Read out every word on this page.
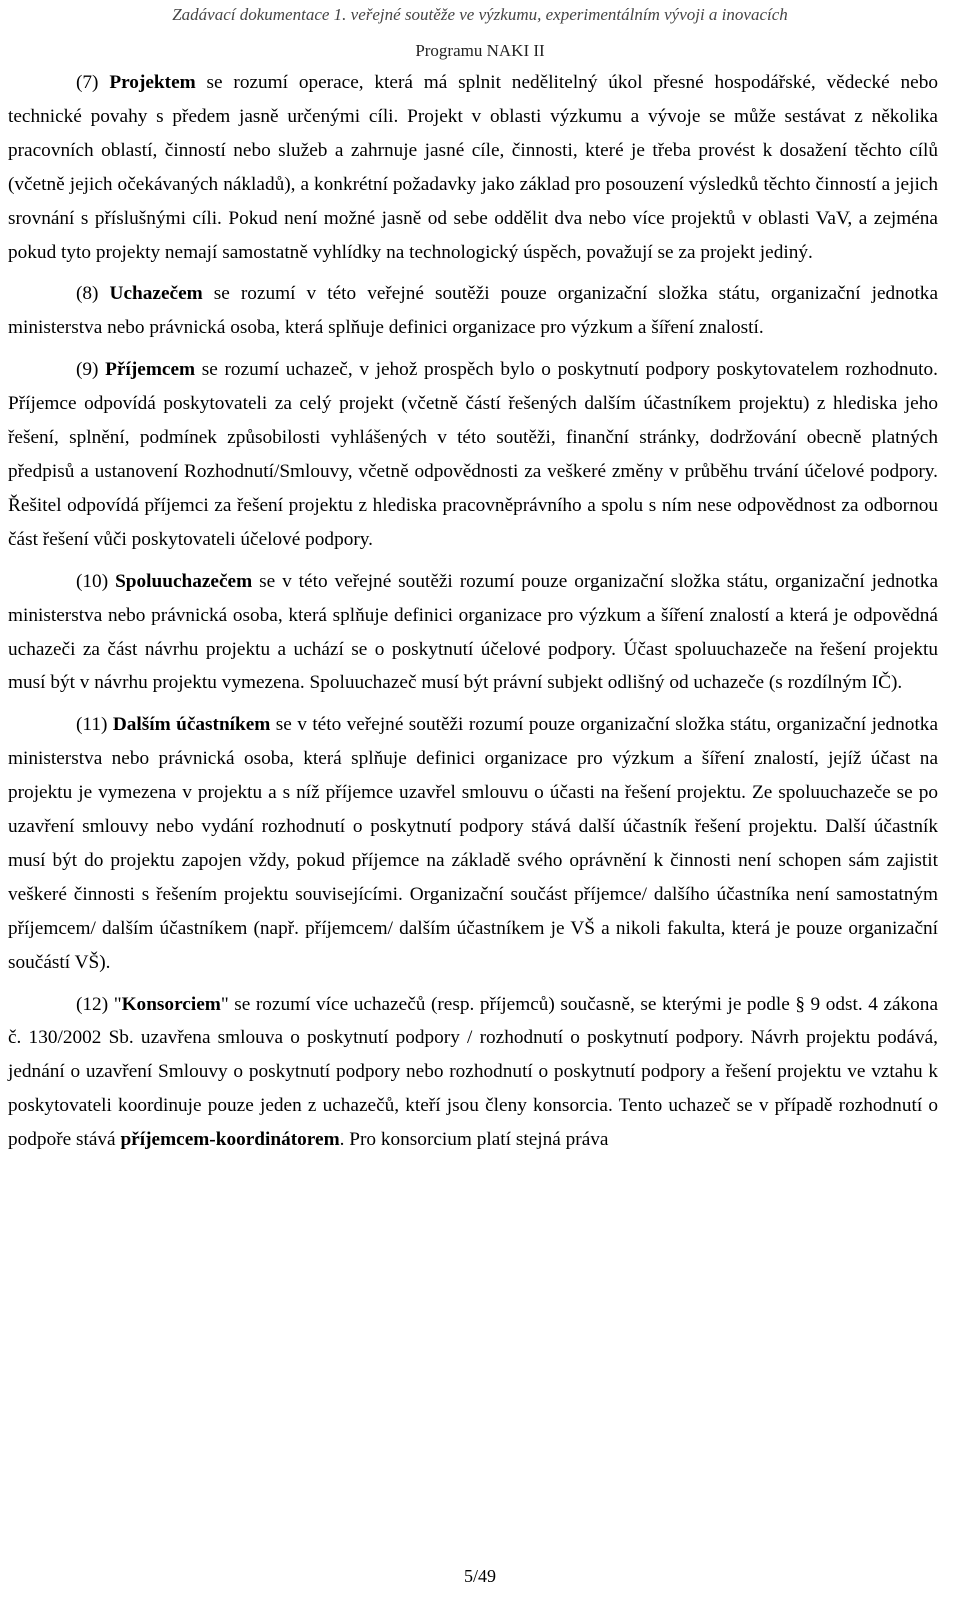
Zadávací dokumentace 1. veřejné soutěže ve výzkumu, experimentálním vývoji a inovacích
Programu NAKI II

(7) Projektem se rozumí operace, která má splnit nedělitelný úkol přesné hospodářské, vědecké nebo technické povahy s předem jasně určenými cíli. Projekt v oblasti výzkumu a vývoje se může sestávat z několika pracovních oblastí, činností nebo služeb a zahrnuje jasné cíle, činnosti, které je třeba provést k dosažení těchto cílů (včetně jejich očekávaných nákladů), a konkrétní požadavky jako základ pro posouzení výsledků těchto činností a jejich srovnání s příslušnými cíli. Pokud není možné jasně od sebe oddělit dva nebo více projektů v oblasti VaV, a zejména pokud tyto projekty nemají samostatně vyhlídky na technologický úspěch, považují se za projekt jediný.

(8) Uchazečem se rozumí v této veřejné soutěži pouze organizační složka státu, organizační jednotka ministerstva nebo právnická osoba, která splňuje definici organizace pro výzkum a šíření znalostí.

(9) Příjemcem se rozumí uchazeč, v jehož prospěch bylo o poskytnutí podpory poskytovatelem rozhodnuto. Příjemce odpovídá poskytovateli za celý projekt (včetně částí řešených dalším účastníkem projektu) z hlediska jeho řešení, splnění, podmínek způsobilosti vyhlášených v této soutěži, finanční stránky, dodržování obecně platných předpisů a ustanovení Rozhodnutí/Smlouvy, včetně odpovědnosti za veškeré změny v průběhu trvání účelové podpory. Řešitel odpovídá příjemci za řešení projektu z hlediska pracovněprávního a spolu s ním nese odpovědnost za odbornou část řešení vůči poskytovateli účelové podpory.

(10) Spoluuchazečem se v této veřejné soutěži rozumí pouze organizační složka státu, organizační jednotka ministerstva nebo právnická osoba, která splňuje definici organizace pro výzkum a šíření znalostí a která je odpovědná uchazeči za část návrhu projektu a uchází se o poskytnutí účelové podpory. Účast spoluuchazeče na řešení projektu musí být v návrhu projektu vymezena. Spoluuchazeč musí být právní subjekt odlišný od uchazeče (s rozdílným IČ).

(11) Dalším účastníkem se v této veřejné soutěži rozumí pouze organizační složka státu, organizační jednotka ministerstva nebo právnická osoba, která splňuje definici organizace pro výzkum a šíření znalostí, jejíž účast na projektu je vymezena v projektu a s níž příjemce uzavřel smlouvu o účasti na řešení projektu. Ze spoluuchazeče se po uzavření smlouvy nebo vydání rozhodnutí o poskytnutí podpory stává další účastník řešení projektu. Další účastník musí být do projektu zapojen vždy, pokud příjemce na základě svého oprávnění k činnosti není schopen sám zajistit veškeré činnosti s řešením projektu souvisejícími. Organizační součást příjemce/ dalšího účastníka není samostatným příjemcem/ dalším účastníkem (např. příjemcem/ dalším účastníkem je VŠ a nikoli fakulta, která je pouze organizační součástí VŠ).

(12) "Konsorciem" se rozumí více uchazečů (resp. příjemců) současně, se kterými je podle § 9 odst. 4 zákona č. 130/2002 Sb. uzavřena smlouva o poskytnutí podpory / rozhodnutí o poskytnutí podpory. Návrh projektu podává, jednání o uzavření Smlouvy o poskytnutí podpory nebo rozhodnutí o poskytnutí podpory a řešení projektu ve vztahu k poskytovateli koordinuje pouze jeden z uchazečů, kteří jsou členy konsorcia. Tento uchazeč se v případě rozhodnutí o podpoře stává příjemcem-koordinátorem. Pro konsorcium platí stejná práva

5/49
